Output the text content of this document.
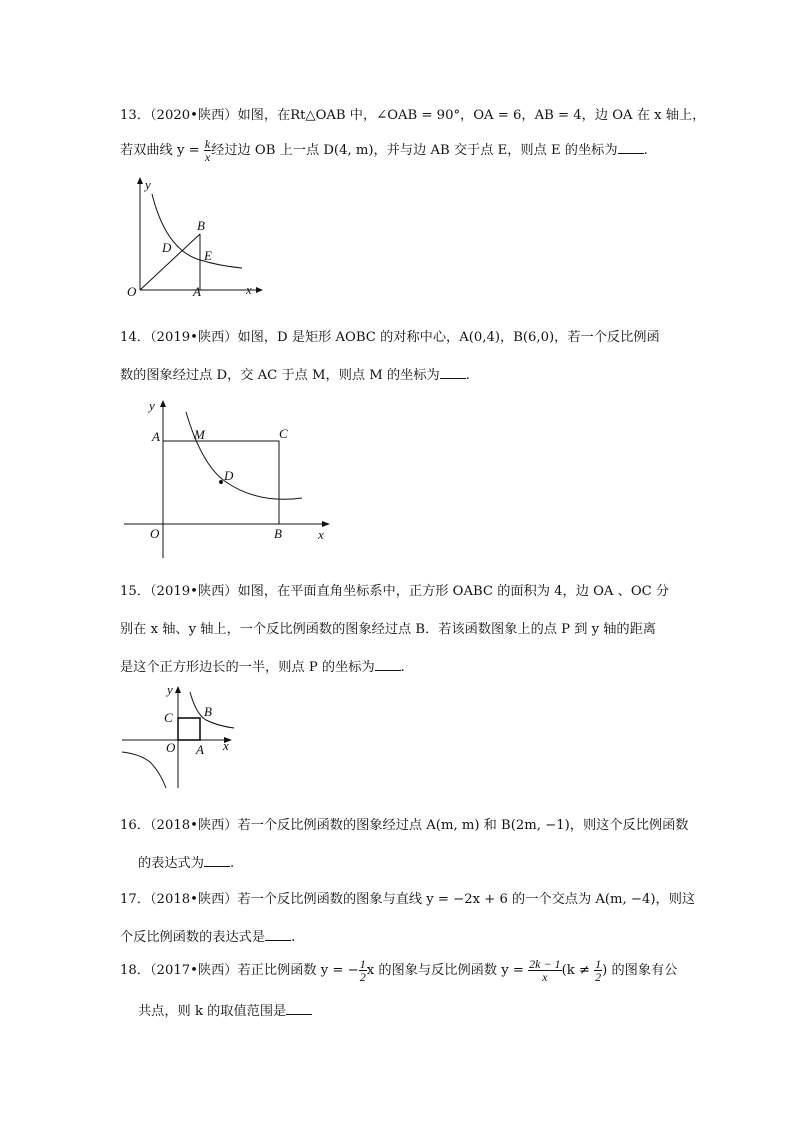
13．（2020•陕西）如图，在Rt△OAB 中，∠OAB = 90°，OA = 6，AB = 4，边 OA 在 x 轴上，
若双曲线 $y = \frac{k}{x}$ 经过边 OB 上一点 D(4, m)，并与边 AB 交于点 E，则点 E 的坐标为 .
y
x
O	A
B
D
E
14．（2019•陕西）如图，D 是矩形 AOBC 的对称中心，A(0,4)，B(6,0)，若一个反比例函
数的图象经过点 D，交 AC 于点 M，则点 M 的坐标为 .
y
x
O
A
B
C
M
D
15．（2019•陕西）如图，在平面直角坐标系中，正方形 OABC 的面积为 4，边 OA 、OC 分
别在 x 轴、y 轴上，一个反比例函数的图象经过点 B．若该函数图象上的点 P 到 y 轴的距离
是这个正方形边长的一半，则点 P 的坐标为 .
y
x
O A
B
C
16．（2018•陕西）若一个反比例函数的图象经过点 A(m, m) 和 B(2m, −1)，则这个反比例函数
的表达式为 .
17．（2018•陕西）若一个反比例函数的图象与直线 y = −2x + 6 的一个交点为 A(m, −4)，则这
个反比例函数的表达式是 .
18．（2017•陕西）若正比例函数 y = − $\frac{1}{2}$ x 的图象与反比例函数 $y = \frac{2k - 1}{x} (k \ne \frac{1}{2}$ ) 的图象有公
共点，则 k 的取值范围是
